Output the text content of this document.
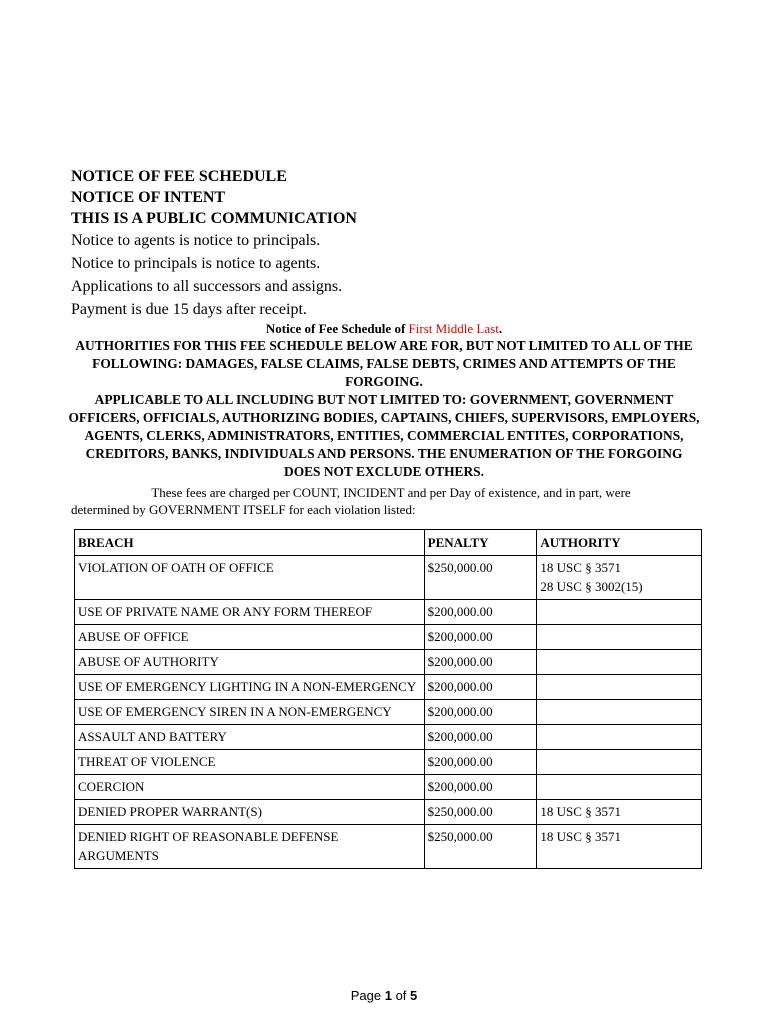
NOTICE OF FEE SCHEDULE

NOTICE OF INTENT

THIS IS A PUBLIC COMMUNICATION

Notice to agents is notice to principals.

Notice to principals is notice to agents.

Applications to all successors and assigns.

Payment is due 15 days after receipt.

Notice of Fee Schedule of First Middle Last.

AUTHORITIES FOR THIS FEE SCHEDULE BELOW ARE FOR, BUT NOT LIMITED TO ALL OF THE FOLLOWING: DAMAGES, FALSE CLAIMS, FALSE DEBTS, CRIMES AND ATTEMPTS OF THE FORGOING.

APPLICABLE TO ALL INCLUDING BUT NOT LIMITED TO: GOVERNMENT, GOVERNMENT OFFICERS, OFFICIALS, AUTHORIZING BODIES, CAPTAINS, CHIEFS, SUPERVISORS, EMPLOYERS, AGENTS, CLERKS, ADMINISTRATORS, ENTITIES, COMMERCIAL ENTITES, CORPORATIONS, CREDITORS, BANKS, INDIVIDUALS AND PERSONS. THE ENUMERATION OF THE FORGOING DOES NOT EXCLUDE OTHERS.

These fees are charged per COUNT, INCIDENT and per Day of existence, and in part, were
determined by GOVERNMENT ITSELF for each violation listed:
BREACH	PENALTY	AUTHORITY
VIOLATION OF OATH OF OFFICE	$250,000.00	18 USC § 3571
28 USC § 3002(15)

USE OF PRIVATE NAME OR ANY FORM THEREOF	$200,000.00	
ABUSE OF OFFICE	$200,000.00	
ABUSE OF AUTHORITY	$200,000.00	
USE OF EMERGENCY LIGHTING IN A NON-EMERGENCY	$200,000.00	
USE OF EMERGENCY SIREN IN A NON-EMERGENCY	$200,000.00	
ASSAULT AND BATTERY	$200,000.00	
THREAT OF VIOLENCE	$200,000.00	
COERCION	$200,000.00	
DENIED PROPER WARRANT(S)	$250,000.00	18 USC § 3571

DENIED RIGHT OF REASONABLE DEFENSE ARGUMENTS	$250,000.00	18 USC § 3571
Page 1 of 5
